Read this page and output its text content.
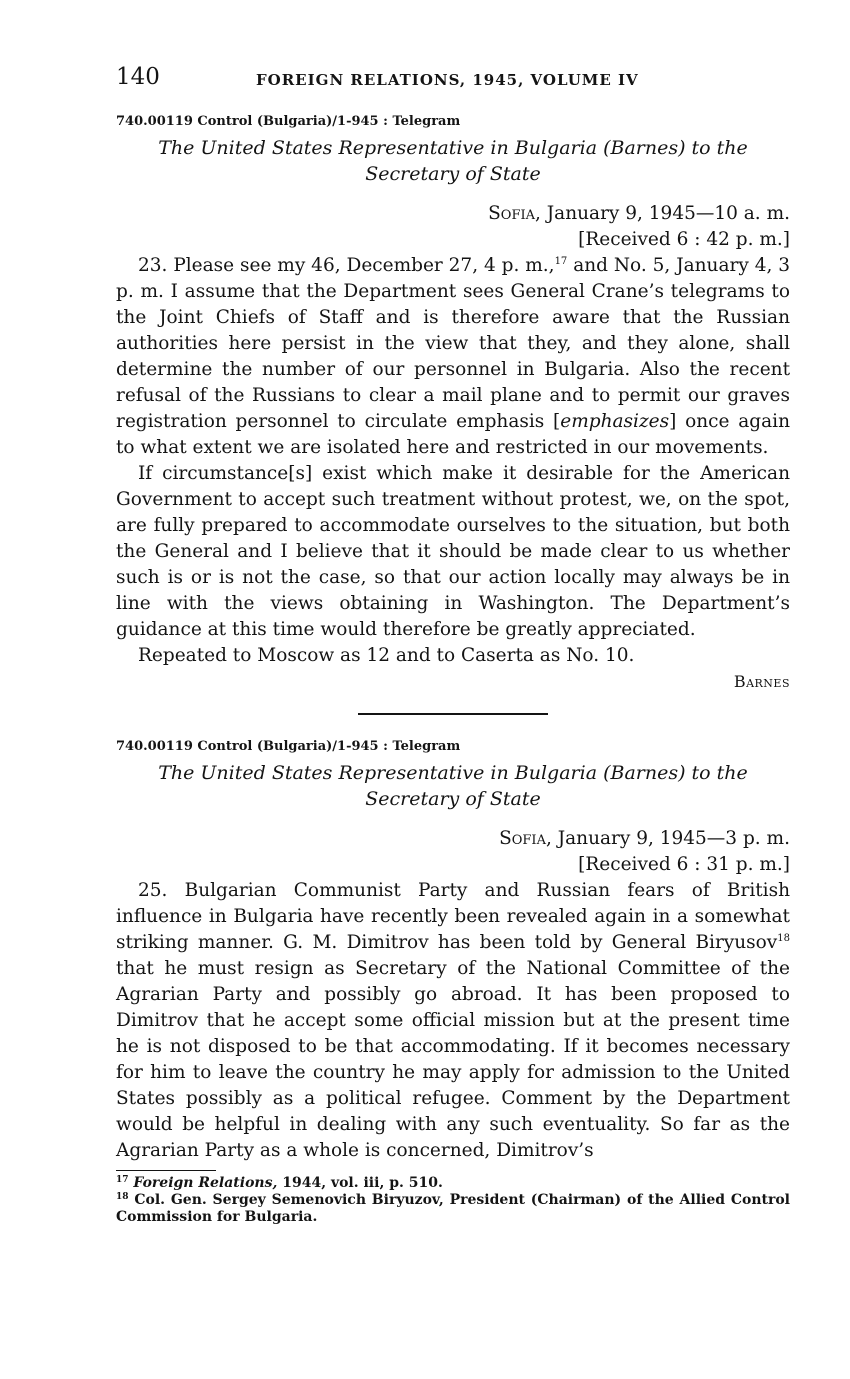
140	FOREIGN RELATIONS, 1945, VOLUME IV
740.00119 Control (Bulgaria)/1-945 : Telegram
The United States Representative in Bulgaria (Barnes) to the Secretary of State
Sofia, January 9, 1945—10 a. m.
[Received 6 : 42 p. m.]

23. Please see my 46, December 27, 4 p. m.,$^{17}$ and No. 5, January 4, 3 p. m. I assume that the Department sees General Crane’s telegrams to the Joint Chiefs of Staff and is therefore aware that the Russian authorities here persist in the view that they, and they alone, shall determine the number of our personnel in Bulgaria. Also the recent refusal of the Russians to clear a mail plane and to permit our graves registration personnel to circulate emphasis [emphasizes] once again to what extent we are isolated here and restricted in our movements.

If circumstance[s] exist which make it desirable for the American Government to accept such treatment without protest, we, on the spot, are fully prepared to accommodate ourselves to the situation, but both the General and I believe that it should be made clear to us whether such is or is not the case, so that our action locally may always be in line with the views obtaining in Washington. The Department’s guidance at this time would therefore be greatly appreciated.

Repeated to Moscow as 12 and to Caserta as No. 10.

Barnes
740.00119 Control (Bulgaria)/1-945 : Telegram
The United States Representative in Bulgaria (Barnes) to the Secretary of State
Sofia, January 9, 1945—3 p. m.
[Received 6 : 31 p. m.]

25. Bulgarian Communist Party and Russian fears of British influence in Bulgaria have recently been revealed again in a somewhat striking manner. G. M. Dimitrov has been told by General Biryusov$^{18}$ that he must resign as Secretary of the National Committee of the Agrarian Party and possibly go abroad. It has been proposed to Dimitrov that he accept some official mission but at the present time he is not disposed to be that accommodating. If it becomes necessary for him to leave the country he may apply for admission to the United States possibly as a political refugee. Comment by the Department would be helpful in dealing with any such eventuality. So far as the Agrarian Party as a whole is concerned, Dimitrov’s

$^{17}$ Foreign Relations, 1944, vol. iii, p. 510.
$^{18}$ Col. Gen. Sergey Semenovich Biryuzov, President (Chairman) of the Allied Control Commission for Bulgaria.
